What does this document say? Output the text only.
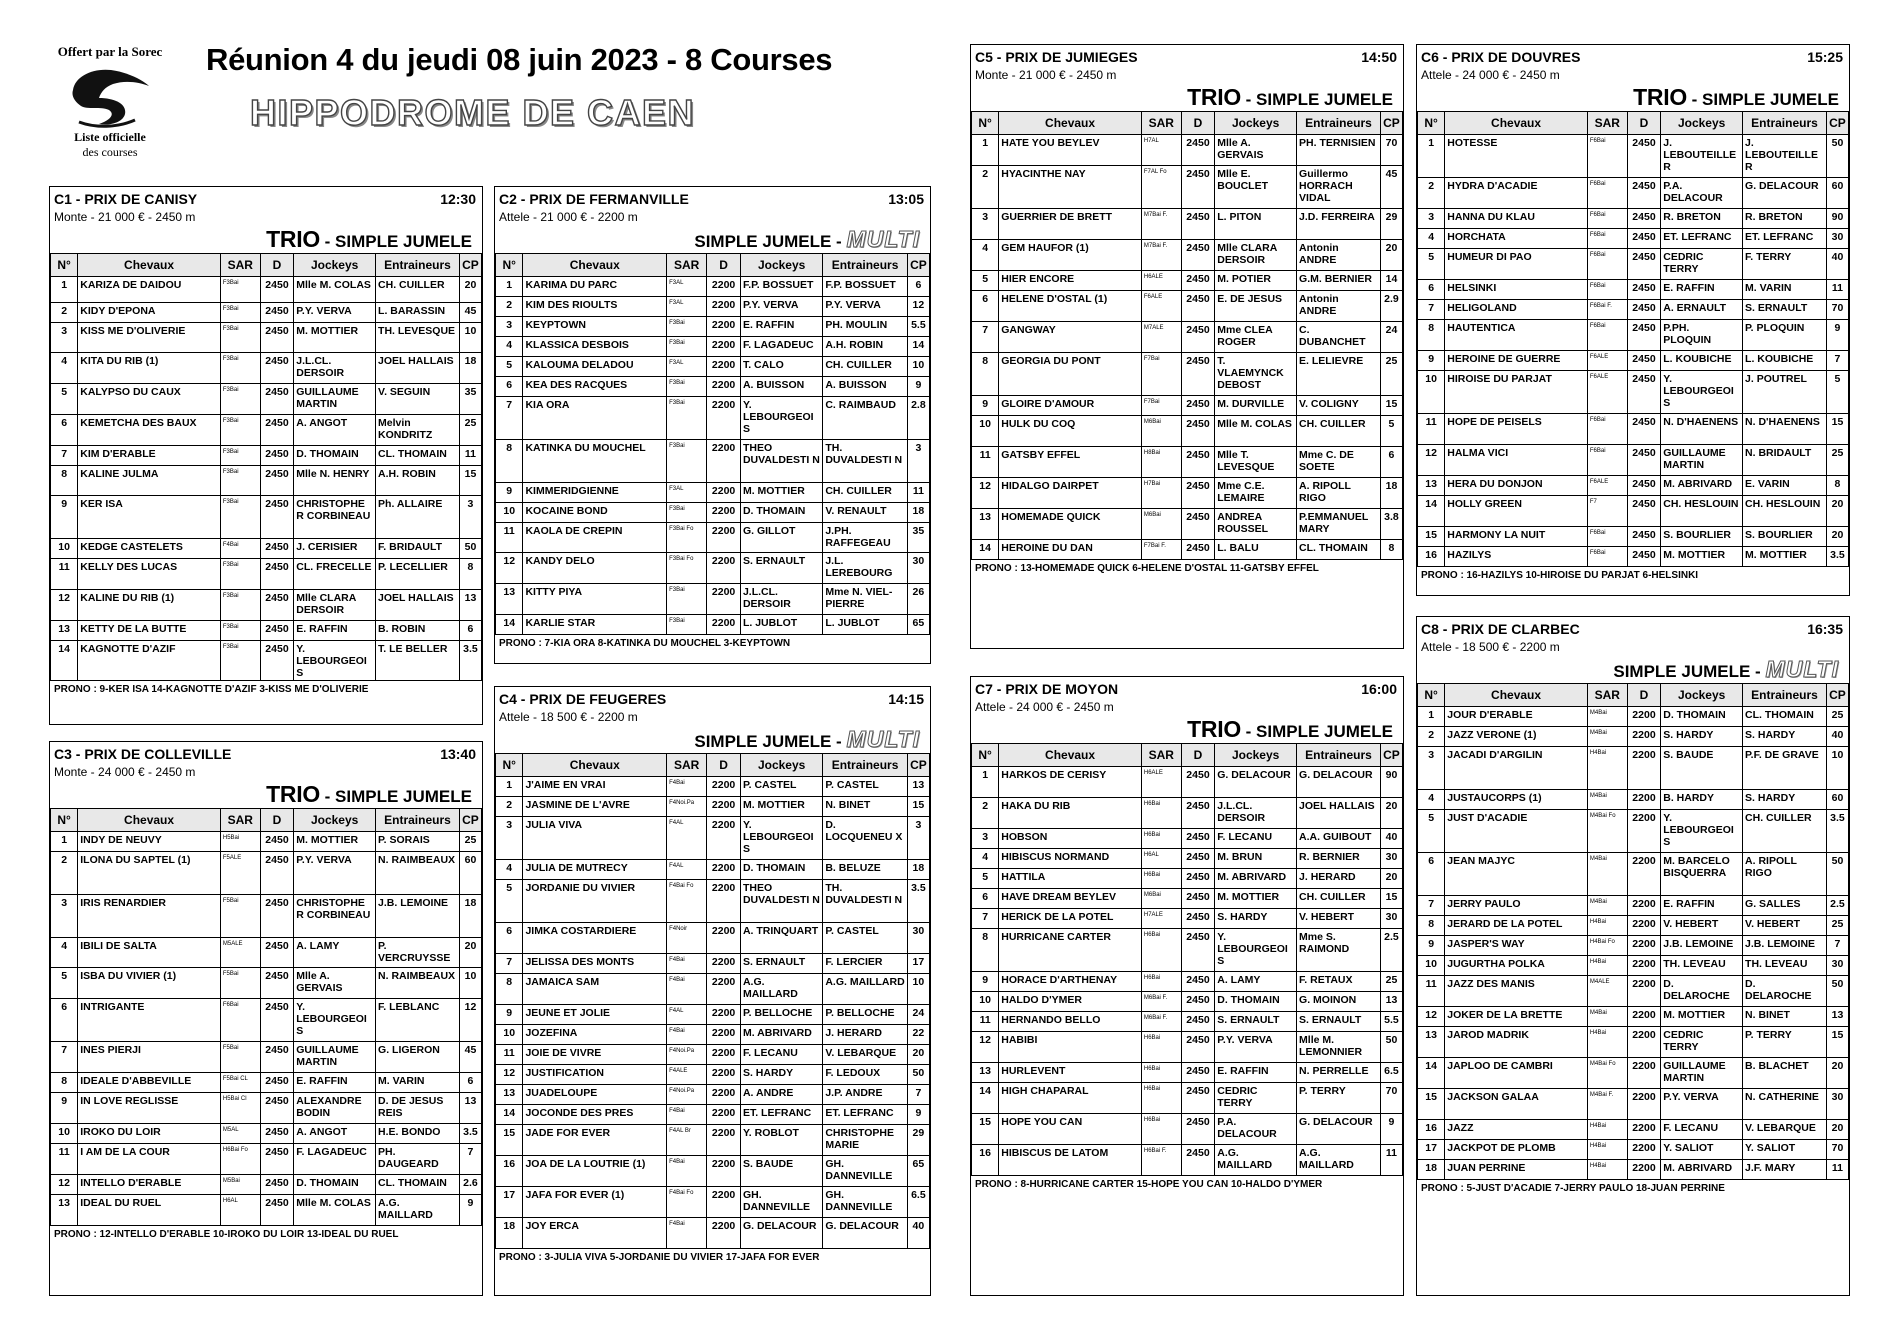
Offert par la Sorec
Liste officielle
des courses
Réunion 4 du jeudi 08 juin 2023 - 8 Courses
HIPPODROME DE CAEN
C1 - PRIX DE CANISY	12:30
Monte - 21 000 € - 2450 m
TRIO - SIMPLE JUMELE
N°	Chevaux	SAR	D	Jockeys	Entraineurs	CP
1	KARIZA DE DAIDOU	F3Bai	2450	Mlle M. COLAS	CH. CUILLER	20
2	KIDY D'EPONA	F3Bai	2450	P.Y. VERVA	L. BARASSIN	45
3	KISS ME D'OLIVERIE	F3Bai	2450	M. MOTTIER	TH. LEVESQUE	10
4	KITA DU RIB (1)	F3Bai	2450	J.L.CL. DERSOIR	JOEL HALLAIS	18
5	KALYPSO DU CAUX	F3Bai	2450	GUILLAUME MARTIN	V. SEGUIN	35
6	KEMETCHA DES BAUX	F3Bai	2450	A. ANGOT	Melvin KONDRITZ	25
7	KIM D'ERABLE	F3Bai	2450	D. THOMAIN	CL. THOMAIN	11
8	KALINE JULMA	F3Bai	2450	Mlle N. HENRY	A.H. ROBIN	15
9	KER ISA	F3Bai	2450	CHRISTOPHE R CORBINEAU	Ph. ALLAIRE	3
10	KEDGE CASTELETS	F4Bai	2450	J. CERISIER	F. BRIDAULT	50
11	KELLY DES LUCAS	F3Bai	2450	CL. FRECELLE	P. LECELLIER	8
12	KALINE DU RIB (1)	F3Bai	2450	Mlle CLARA DERSOIR	JOEL HALLAIS	13
13	KETTY DE LA BUTTE	F3Bai	2450	E. RAFFIN	B. ROBIN	6
14	KAGNOTTE D'AZIF	F3Bai	2450	Y. LEBOURGEOI S	T. LE BELLER	3.5
PRONO : 9-KER ISA 14-KAGNOTTE D'AZIF 3-KISS ME D'OLIVERIE
C2 - PRIX DE FERMANVILLE	13:05
Attele - 21 000 € - 2200 m
SIMPLE JUMELE - MULTI
N°	Chevaux	SAR	D	Jockeys	Entraineurs	CP
1	KARIMA DU PARC	F3AL	2200	F.P. BOSSUET	F.P. BOSSUET	6
2	KIM DES RIOULTS	F3AL	2200	P.Y. VERVA	P.Y. VERVA	12
3	KEYPTOWN	F3Bai	2200	E. RAFFIN	PH. MOULIN	5.5
4	KLASSICA DESBOIS	F3Bai	2200	F. LAGADEUC	A.H. ROBIN	14
5	KALOUMA DELADOU	F3AL	2200	T. CALO	CH. CUILLER	10
6	KEA DES RACQUES	F3Bai	2200	A. BUISSON	A. BUISSON	9
7	KIA ORA	F3Bai	2200	Y. LEBOURGEOI S	C. RAIMBAUD	2.8
8	KATINKA DU MOUCHEL	F3Bai	2200	THEO DUVALDESTI N	TH. DUVALDESTI N	3
9	KIMMERIDGIENNE	F3AL	2200	M. MOTTIER	CH. CUILLER	11
10	KOCAINE BOND	F3Bai	2200	D. THOMAIN	V. RENAULT	18
11	KAOLA DE CREPIN	F3Bai Fo	2200	G. GILLOT	J.PH. RAFFEGEAU	35
12	KANDY DELO	F3Bai Fo	2200	S. ERNAULT	J.L. LEREBOURG	30
13	KITTY PIYA	F3Bai	2200	J.L.CL. DERSOIR	Mme N. VIEL-PIERRE	26
14	KARLIE STAR	F3Bai	2200	L. JUBLOT	L. JUBLOT	65
PRONO : 7-KIA ORA 8-KATINKA DU MOUCHEL 3-KEYPTOWN
C3 - PRIX DE COLLEVILLE	13:40
Monte - 24 000 € - 2450 m
TRIO - SIMPLE JUMELE
N°	Chevaux	SAR	D	Jockeys	Entraineurs	CP
1	INDY DE NEUVY	H5Bai	2450	M. MOTTIER	P. SORAIS	25
2	ILONA DU SAPTEL (1)	F5ALE	2450	P.Y. VERVA	N. RAIMBEAUX	60
3	IRIS RENARDIER	F5Bai	2450	CHRISTOPHE R CORBINEAU	J.B. LEMOINE	18
4	IBILI DE SALTA	M5ALE	2450	A. LAMY	P. VERCRUYSSE	20
5	ISBA DU VIVIER (1)	F5Bai	2450	Mlle A. GERVAIS	N. RAIMBEAUX	10
6	INTRIGANTE	F6Bai	2450	Y. LEBOURGEOI S	F. LEBLANC	12
7	INES PIERJI	F5Bai	2450	GUILLAUME MARTIN	G. LIGERON	45
8	IDEALE D'ABBEVILLE	F5Bai CL	2450	E. RAFFIN	M. VARIN	6
9	IN LOVE REGLISSE	H5Bai Cl	2450	ALEXANDRE BODIN	D. DE JESUS REIS	13
10	IROKO DU LOIR	M5AL	2450	A. ANGOT	H.E. BONDO	3.5
11	I AM DE LA COUR	H6Bai Fo	2450	F. LAGADEUC	PH. DAUGEARD	7
12	INTELLO D'ERABLE	M5Bai	2450	D. THOMAIN	CL. THOMAIN	2.6
13	IDEAL DU RUEL	H6AL	2450	Mlle M. COLAS	A.G. MAILLARD	9
PRONO : 12-INTELLO D'ERABLE 10-IROKO DU LOIR 13-IDEAL DU RUEL
C4 - PRIX DE FEUGERES	14:15
Attele - 18 500 € - 2200 m
SIMPLE JUMELE - MULTI
N°	Chevaux	SAR	D	Jockeys	Entraineurs	CP
1	J'AIME EN VRAI	F4Bai	2200	P. CASTEL	P. CASTEL	13
2	JASMINE DE L'AVRE	F4Noi.Pa	2200	M. MOTTIER	N. BINET	15
3	JULIA VIVA	F4AL	2200	Y. LEBOURGEOI S	D. LOCQUENEU X	3
4	JULIA DE MUTRECY	F4AL	2200	D. THOMAIN	B. BELUZE	18
5	JORDANIE DU VIVIER	F4Bai Fo	2200	THEO DUVALDESTI N	TH. DUVALDESTI N	3.5
6	JIMKA COSTARDIERE	F4Noir	2200	A. TRINQUART	P. CASTEL	30
7	JELISSA DES MONTS	F4Bai	2200	S. ERNAULT	F. LERCIER	17
8	JAMAICA SAM	F4Bai	2200	A.G. MAILLARD	A.G. MAILLARD	10
9	JEUNE ET JOLIE	F4AL	2200	P. BELLOCHE	P. BELLOCHE	24
10	JOZEFINA	F4Bai	2200	M. ABRIVARD	J. HERARD	22
11	JOIE DE VIVRE	F4Noi.Pa	2200	F. LECANU	V. LEBARQUE	20
12	JUSTIFICATION	F4ALE	2200	S. HARDY	F. LEDOUX	50
13	JUADELOUPE	F4Noi.Pa	2200	A. ANDRE	J.P. ANDRE	7
14	JOCONDE DES PRES	F4Bai	2200	ET. LEFRANC	ET. LEFRANC	9
15	JADE FOR EVER	F4AL Br	2200	Y. ROBLOT	CHRISTOPHE MARIE	29
16	JOA DE LA LOUTRIE (1)	F4Bai	2200	S. BAUDE	GH. DANNEVILLE	65
17	JAFA FOR EVER (1)	F4Bai Fo	2200	GH. DANNEVILLE	GH. DANNEVILLE	6.5
18	JOY ERCA	F4Bai	2200	G. DELACOUR	G. DELACOUR	40
PRONO : 3-JULIA VIVA 5-JORDANIE DU VIVIER 17-JAFA FOR EVER
C5 - PRIX DE JUMIEGES	14:50
Monte - 21 000 € - 2450 m
TRIO - SIMPLE JUMELE
N°	Chevaux	SAR	D	Jockeys	Entraineurs	CP
1	HATE YOU BEYLEV	H7AL	2450	Mlle A. GERVAIS	PH. TERNISIEN	70
2	HYACINTHE NAY	F7AL Fo	2450	Mlle E. BOUCLET	Guillermo HORRACH VIDAL	45
3	GUERRIER DE BRETT	M7Bai F.	2450	L. PITON	J.D. FERREIRA	29
4	GEM HAUFOR (1)	M7Bai F.	2450	Mlle CLARA DERSOIR	Antonin ANDRE	20
5	HIER ENCORE	H6ALE	2450	M. POTIER	G.M. BERNIER	14
6	HELENE D'OSTAL (1)	F6ALE	2450	E. DE JESUS	Antonin ANDRE	2.9
7	GANGWAY	M7ALE	2450	Mme CLEA ROGER	C. DUBANCHET	24
8	GEORGIA DU PONT	F7Bai	2450	T. VLAEMYNCK DEBOST	E. LELIEVRE	25
9	GLOIRE D'AMOUR	F7Bai	2450	M. DURVILLE	V. COLIGNY	15
10	HULK DU COQ	M6Bai	2450	Mlle M. COLAS	CH. CUILLER	5
11	GATSBY EFFEL	H8Bai	2450	Mlle T. LEVESQUE	Mme C. DE SOETE	6
12	HIDALGO DAIRPET	H7Bai	2450	Mme C.E. LEMAIRE	A. RIPOLL RIGO	18
13	HOMEMADE QUICK	M6Bai	2450	ANDREA ROUSSEL	P.EMMANUEL MARY	3.8
14	HEROINE DU DAN	F7Bai F.	2450	L. BALU	CL. THOMAIN	8
PRONO : 13-HOMEMADE QUICK 6-HELENE D'OSTAL 11-GATSBY EFFEL
C6 - PRIX DE DOUVRES	15:25
Attele - 24 000 € - 2450 m
TRIO - SIMPLE JUMELE
N°	Chevaux	SAR	D	Jockeys	Entraineurs	CP
1	HOTESSE	F6Bai	2450	J. LEBOUTEILLE R	J. LEBOUTEILLE R	50
2	HYDRA D'ACADIE	F6Bai	2450	P.A. DELACOUR	G. DELACOUR	60
3	HANNA DU KLAU	F6Bai	2450	R. BRETON	R. BRETON	90
4	HORCHATA	F6Bai	2450	ET. LEFRANC	ET. LEFRANC	30
5	HUMEUR DI PAO	F6Bai	2450	CEDRIC TERRY	F. TERRY	40
6	HELSINKI	F6Bai	2450	E. RAFFIN	M. VARIN	11
7	HELIGOLAND	F6Bai F.	2450	A. ERNAULT	S. ERNAULT	70
8	HAUTENTICA	F6Bai	2450	P.PH. PLOQUIN	P. PLOQUIN	9
9	HEROINE DE GUERRE	F6ALE	2450	L. KOUBICHE	L. KOUBICHE	7
10	HIROISE DU PARJAT	F6ALE	2450	Y. LEBOURGEOI S	J. POUTREL	5
11	HOPE DE PEISELS	F6Bai	2450	N. D'HAENENS	N. D'HAENENS	15
12	HALMA VICI	F6Bai	2450	GUILLAUME MARTIN	N. BRIDAULT	25
13	HERA DU DONJON	F6ALE	2450	M. ABRIVARD	E. VARIN	8
14	HOLLY GREEN	F7	2450	CH. HESLOUIN	CH. HESLOUIN	20
15	HARMONY LA NUIT	F6Bai	2450	S. BOURLIER	S. BOURLIER	20
16	HAZILYS	F6Bai	2450	M. MOTTIER	M. MOTTIER	3.5
PRONO : 16-HAZILYS 10-HIROISE DU PARJAT 6-HELSINKI
C7 - PRIX DE MOYON	16:00
Attele - 24 000 € - 2450 m
TRIO - SIMPLE JUMELE
N°	Chevaux	SAR	D	Jockeys	Entraineurs	CP
1	HARKOS DE CERISY	H6ALE	2450	G. DELACOUR	G. DELACOUR	90
2	HAKA DU RIB	H6Bai	2450	J.L.CL. DERSOIR	JOEL HALLAIS	20
3	HOBSON	H6Bai	2450	F. LECANU	A.A. GUIBOUT	40
4	HIBISCUS NORMAND	H6AL	2450	M. BRUN	R. BERNIER	30
5	HATTILA	H6Bai	2450	M. ABRIVARD	J. HERARD	20
6	HAVE DREAM BEYLEV	M6Bai	2450	M. MOTTIER	CH. CUILLER	15
7	HERICK DE LA POTEL	H7ALE	2450	S. HARDY	V. HEBERT	30
8	HURRICANE CARTER	H6Bai	2450	Y. LEBOURGEOI S	Mme S. RAIMOND	2.5
9	HORACE D'ARTHENAY	H6Bai	2450	A. LAMY	F. RETAUX	25
10	HALDO D'YMER	M6Bai F.	2450	D. THOMAIN	G. MOINON	13
11	HERNANDO BELLO	M6Bai F.	2450	S. ERNAULT	S. ERNAULT	5.5
12	HABIBI	H6Bai	2450	P.Y. VERVA	Mlle M. LEMONNIER	50
13	HURLEVENT	H6Bai	2450	E. RAFFIN	N. PERRELLE	6.5
14	HIGH CHAPARAL	H6Bai	2450	CEDRIC TERRY	P. TERRY	70
15	HOPE YOU CAN	H6Bai	2450	P.A. DELACOUR	G. DELACOUR	9
16	HIBISCUS DE LATOM	H6Bai F.	2450	A.G. MAILLARD	A.G. MAILLARD	11
PRONO : 8-HURRICANE CARTER 15-HOPE YOU CAN 10-HALDO D'YMER
C8 - PRIX DE CLARBEC	16:35
Attele - 18 500 € - 2200 m
SIMPLE JUMELE - MULTI
N°	Chevaux	SAR	D	Jockeys	Entraineurs	CP
1	JOUR D'ERABLE	M4Bai	2200	D. THOMAIN	CL. THOMAIN	25
2	JAZZ VERONE (1)	M4Bai	2200	S. HARDY	S. HARDY	40
3	JACADI D'ARGILIN	H4Bai	2200	S. BAUDE	P.F. DE GRAVE	10
4	JUSTAUCORPS (1)	M4Bai	2200	B. HARDY	S. HARDY	60
5	JUST D'ACADIE	M4Bai Fo	2200	Y. LEBOURGEOI S	CH. CUILLER	3.5
6	JEAN MAJYC	M4Bai	2200	M. BARCELO BISQUERRA	A. RIPOLL RIGO	50
7	JERRY PAULO	M4Bai	2200	E. RAFFIN	G. SALLES	2.5
8	JERARD DE LA POTEL	H4Bai	2200	V. HEBERT	V. HEBERT	25
9	JASPER'S WAY	H4Bai Fo	2200	J.B. LEMOINE	J.B. LEMOINE	7
10	JUGURTHA POLKA	H4Bai	2200	TH. LEVEAU	TH. LEVEAU	30
11	JAZZ DES MANIS	M4ALE	2200	D. DELAROCHE	D. DELAROCHE	50
12	JOKER DE LA BRETTE	M4Bai	2200	M. MOTTIER	N. BINET	13
13	JAROD MADRIK	H4Bai	2200	CEDRIC TERRY	P. TERRY	15
14	JAPLOO DE CAMBRI	M4Bai Fo	2200	GUILLAUME MARTIN	B. BLACHET	20
15	JACKSON GALAA	M4Bai F.	2200	P.Y. VERVA	N. CATHERINE	30
16	JAZZ	H4Bai	2200	F. LECANU	V. LEBARQUE	20
17	JACKPOT DE PLOMB	H4Bai	2200	Y. SALIOT	Y. SALIOT	70
18	JUAN PERRINE	H4Bai	2200	M. ABRIVARD	J.F. MARY	11
PRONO : 5-JUST D'ACADIE 7-JERRY PAULO 18-JUAN PERRINE
